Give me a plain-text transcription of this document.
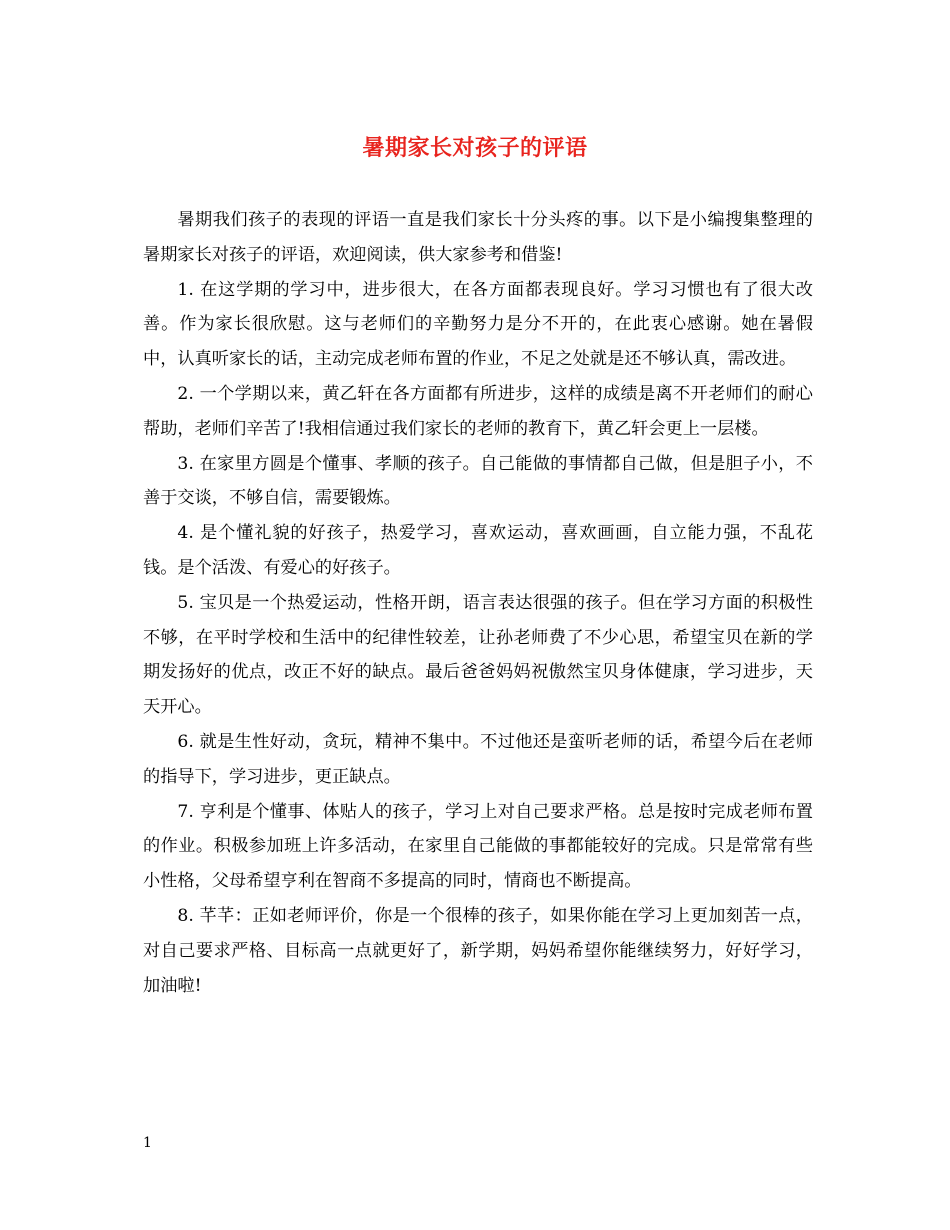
暑期家长对孩子的评语

暑期我们孩子的表现的评语一直是我们家长十分头疼的事。以下是小编搜集整理的暑期家长对孩子的评语，欢迎阅读，供大家参考和借鉴!

1. 在这学期的学习中，进步很大，在各方面都表现良好。学习习惯也有了很大改善。作为家长很欣慰。这与老师们的辛勤努力是分不开的，在此衷心感谢。她在暑假中，认真听家长的话，主动完成老师布置的作业，不足之处就是还不够认真，需改进。

2. 一个学期以来，黄乙轩在各方面都有所进步，这样的成绩是离不开老师们的耐心帮助，老师们辛苦了!我相信通过我们家长的老师的教育下，黄乙轩会更上一层楼。

3. 在家里方圆是个懂事、孝顺的孩子。自己能做的事情都自己做，但是胆子小，不善于交谈，不够自信，需要锻炼。

4. 是个懂礼貌的好孩子，热爱学习，喜欢运动，喜欢画画，自立能力强，不乱花钱。是个活泼、有爱心的好孩子。

5. 宝贝是一个热爱运动，性格开朗，语言表达很强的孩子。但在学习方面的积极性不够，在平时学校和生活中的纪律性较差，让孙老师费了不少心思，希望宝贝在新的学期发扬好的优点，改正不好的缺点。最后爸爸妈妈祝傲然宝贝身体健康，学习进步，天天开心。

6. 就是生性好动，贪玩，精神不集中。不过他还是蛮听老师的话，希望今后在老师的指导下，学习进步，更正缺点。

7. 亨利是个懂事、体贴人的孩子，学习上对自己要求严格。总是按时完成老师布置的作业。积极参加班上许多活动，在家里自己能做的事都能较好的完成。只是常常有些小性格，父母希望亨利在智商不多提高的同时，情商也不断提高。

8. 芊芊：正如老师评价，你是一个很棒的孩子，如果你能在学习上更加刻苦一点，对自己要求严格、目标高一点就更好了，新学期，妈妈希望你能继续努力，好好学习，加油啦!

1
